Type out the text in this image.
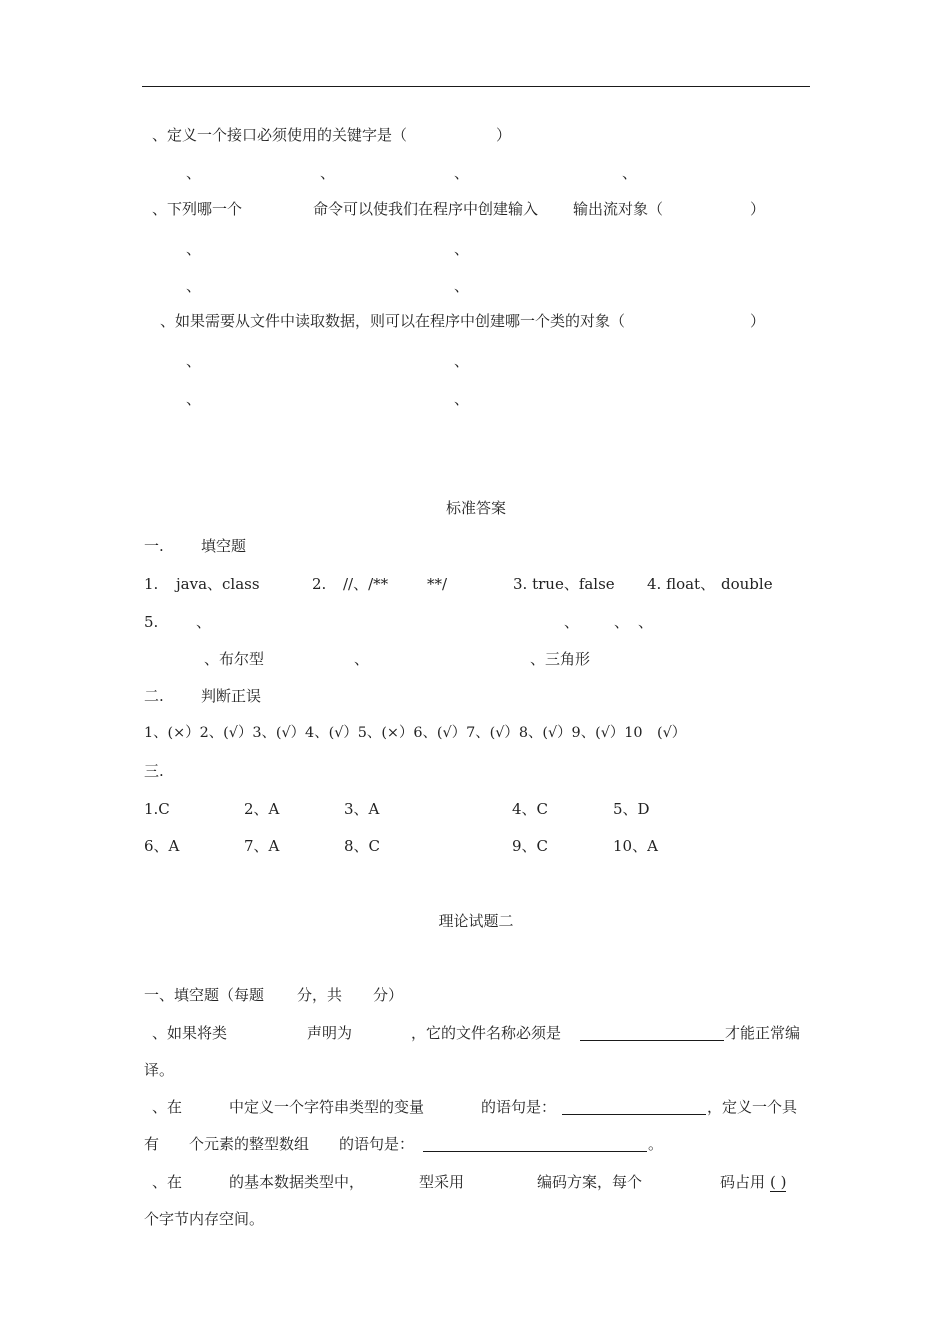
、定义一个接口必须使用的关键字是（	）
、	、	、	、
、下列哪一个	命令可以使我们在程序中创建输入 输出流对象（	）
、	、
、	、
、如果需要从文件中读取数据，则可以在程序中创建哪一个类的对象（	）
、	、
、	、
标准答案
一. 填空题
1. java、class	2. //、/**	**/	3. true、false 4. float、 double
5.	、	、 、 、
、布尔型	、	、三角形
二. 判断正误
1、(×）2、(√）3、(√）4、(√）5、(×）6、(√）7、(√）8、(√）9、(√）10　(√）
三.
1.C	2、A	3、A	4、C	5、D
6、A	7、A	8、C	9、C	10、A
理论试题二
一、填空题（每题 分，共 分）
、如果将类	声明为	，它的文件名称必须是	才能正常编
译。
、在	中定义一个字符串类型的变量	的语句是：	，定义一个具
有 个元素的整型数组 的语句是：	。
、在	的基本数据类型中，	型采用	编码方案，每个	码占用 ( )
个字节内存空间。
